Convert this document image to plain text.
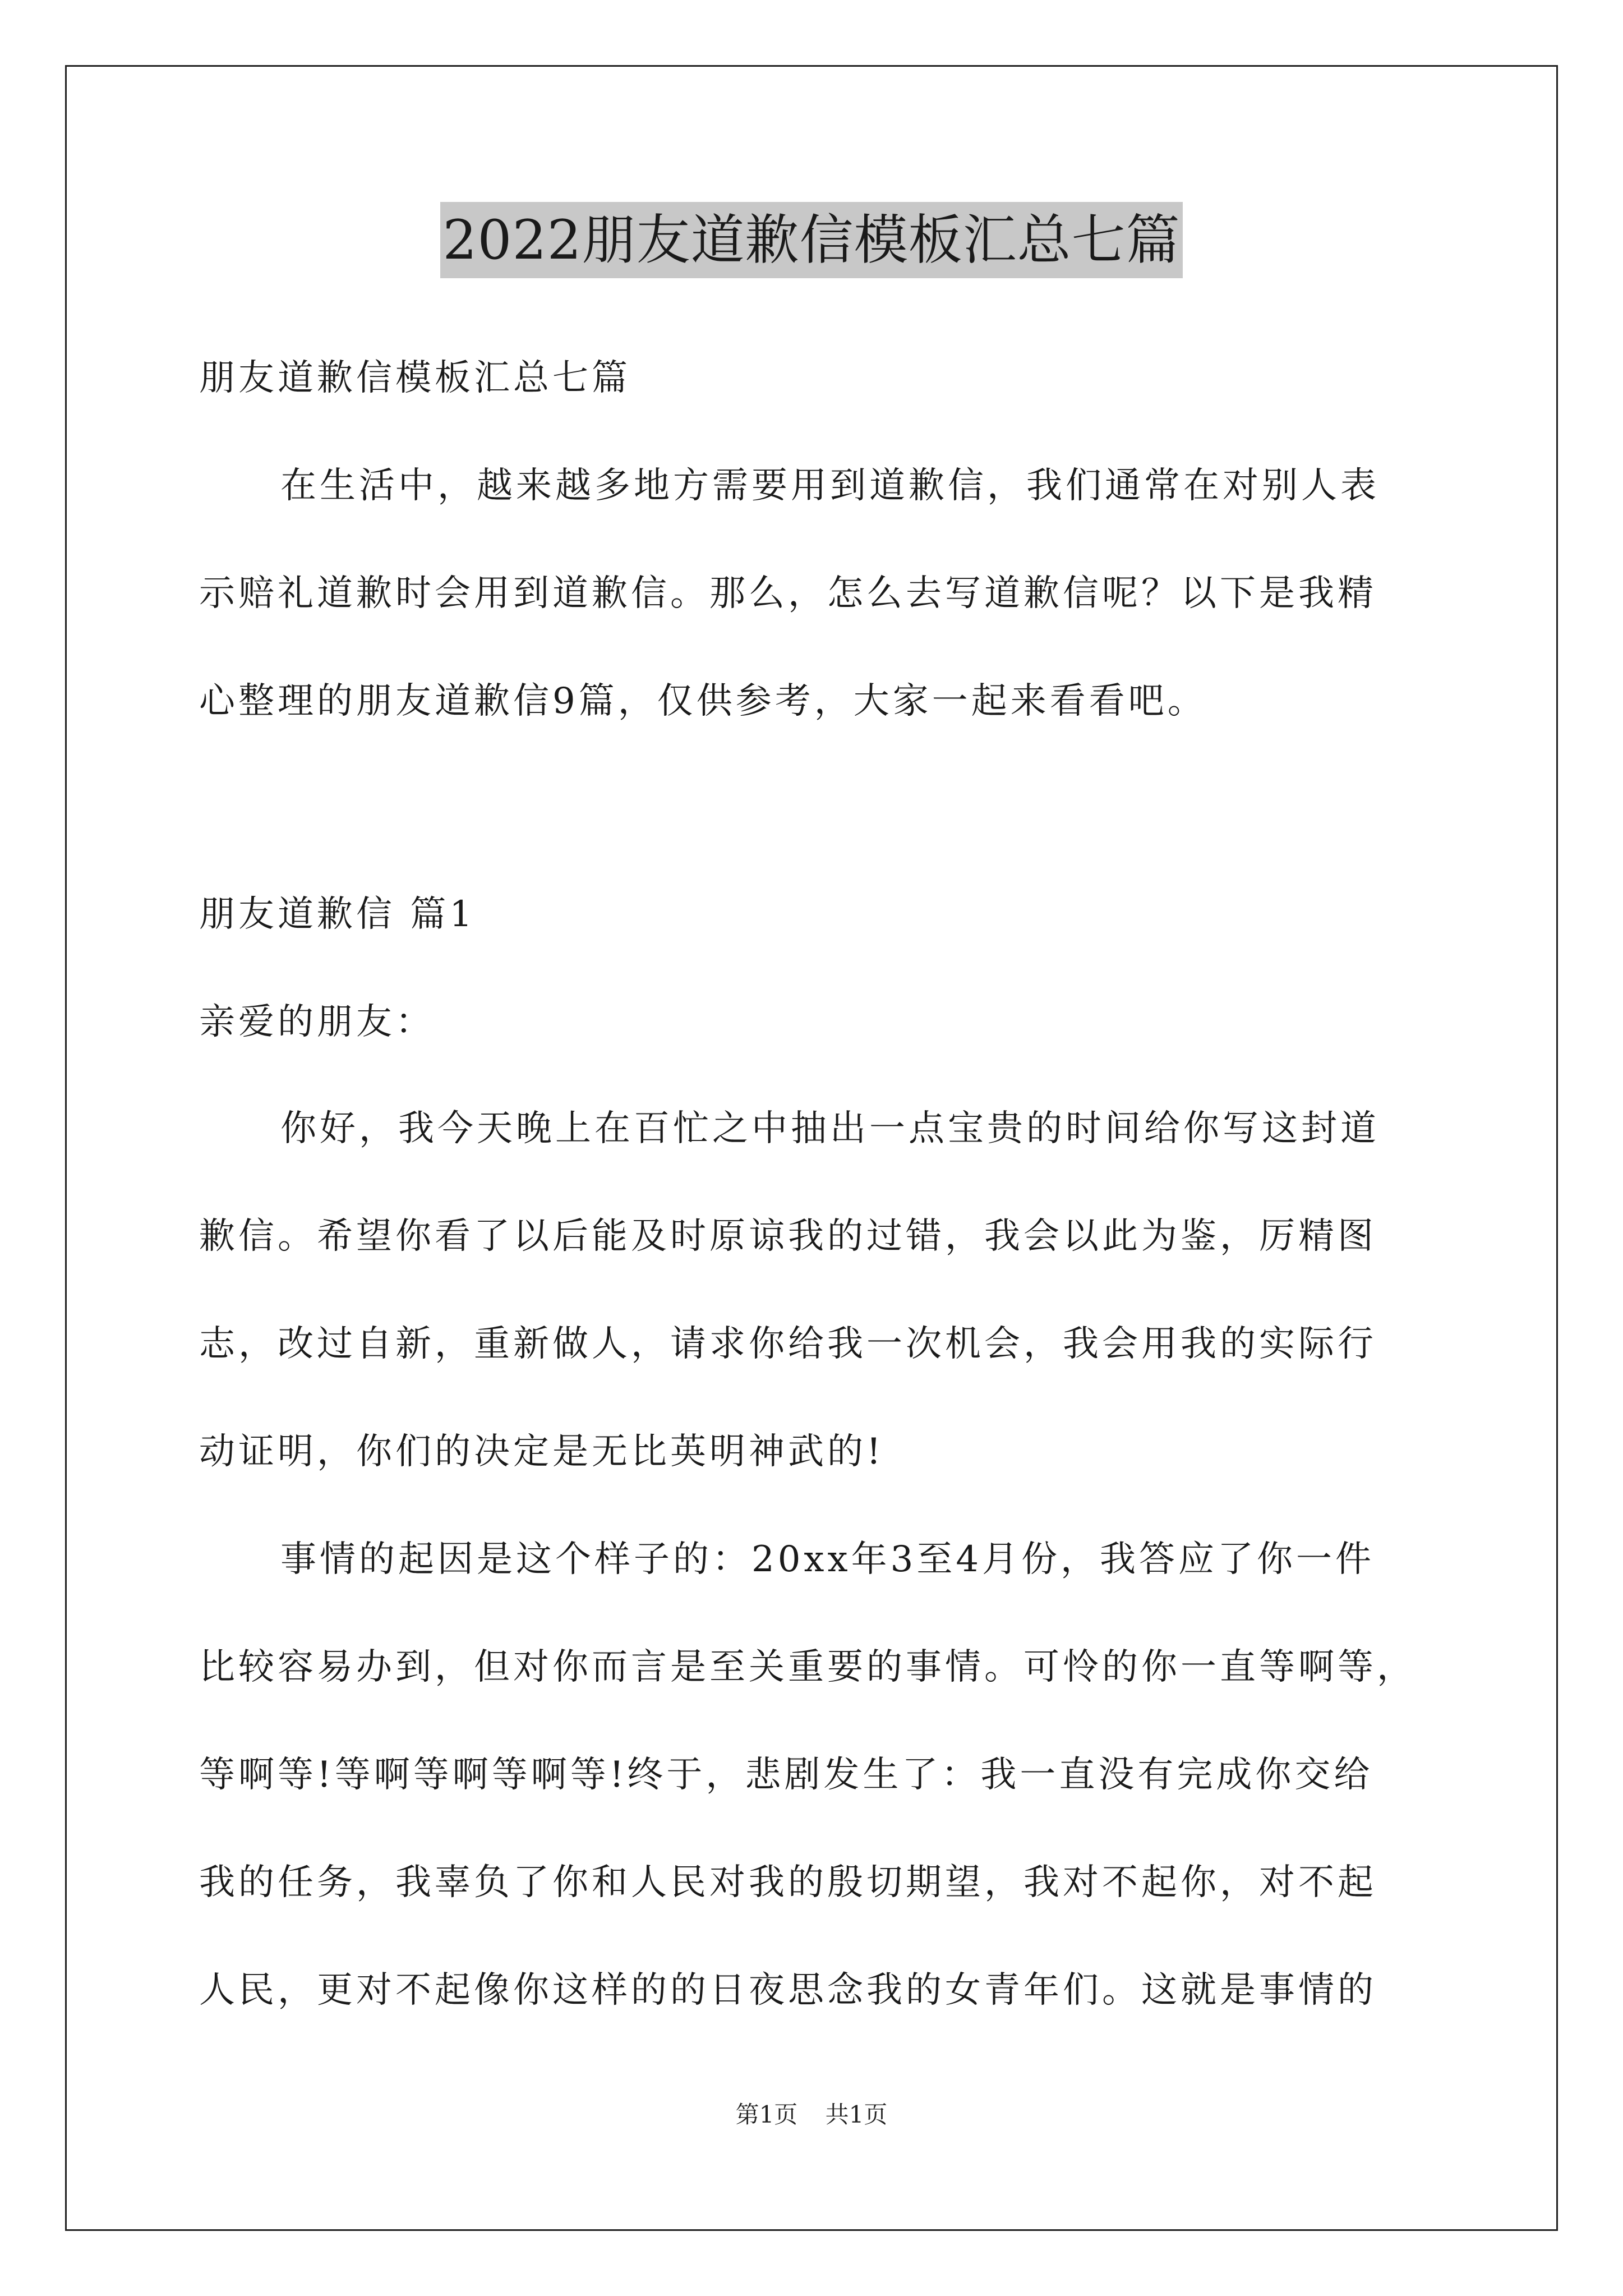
2022朋友道歉信模板汇总七篇

朋友道歉信模板汇总七篇

在生活中，越来越多地方需要用到道歉信，我们通常在对别人表

示赔礼道歉时会用到道歉信。那么，怎么去写道歉信呢？以下是我精

心整理的朋友道歉信9篇，仅供参考，大家一起来看看吧。

朋友道歉信 篇1

亲爱的朋友：

你好，我今天晚上在百忙之中抽出一点宝贵的时间给你写这封道

歉信。希望你看了以后能及时原谅我的过错，我会以此为鉴，厉精图

志，改过自新，重新做人，请求你给我一次机会，我会用我的实际行

动证明，你们的决定是无比英明神武的!

事情的起因是这个样子的：20xx年3至4月份，我答应了你一件

比较容易办到，但对你而言是至关重要的事情。可怜的你一直等啊等，

等啊等!等啊等啊等啊等!终于，悲剧发生了：我一直没有完成你交给

我的任务，我辜负了你和人民对我的殷切期望，我对不起你，对不起

人民，更对不起像你这样的的日夜思念我的女青年们。这就是事情的

第1页 共1页
